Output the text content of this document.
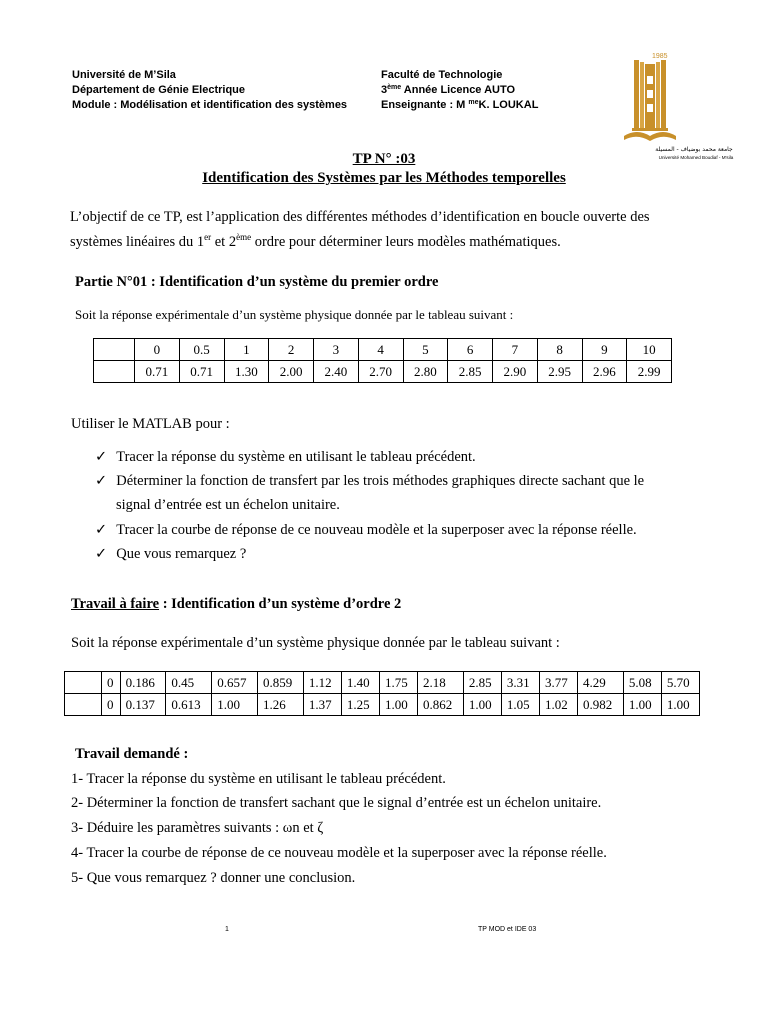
Université de M’Sila
Département de Génie Electrique
Module : Modélisation et identification des systèmes
Faculté de Technologie
3ème Année Licence AUTO
Enseignante : M $^{me}$K. LOUKAL
1985
جامعة محمد بوضياف - المسيلة
Université Mohamed Boudiaf - M'sila
TP N° :03
Identification des Systèmes par les Méthodes temporelles
L’objectif de ce TP, est l’application des différentes méthodes d’identification en boucle ouverte des
systèmes linéaires du 1er et 2ème ordre pour déterminer leurs modèles mathématiques.
Partie N°01 : Identification d’un système du premier ordre
Soit la réponse expérimentale d’un système physique donnée par le tableau suivant :
	0	0.5	1	2	3	4	5	6	7	8	9	10
	0.71	0.71	1.30	2.00	2.40	2.70	2.80	2.85	2.90	2.95	2.96	2.99
Utiliser le MATLAB pour :
✓ Tracer la réponse du système en utilisant le tableau précédent.
✓ Déterminer la fonction de transfert par les trois méthodes graphiques directe sachant que le
signal d’entrée est un échelon unitaire.
✓ Tracer la courbe de réponse de ce nouveau modèle et la superposer avec la réponse réelle.
✓ Que vous remarquez ?
Travail à faire : Identification d’un système d’ordre 2
Soit la réponse expérimentale d’un système physique donnée par le tableau suivant :
	0	0.186	0.45	0.657	0.859	1.12	1.40	1.75	2.18	2.85	3.31	3.77	4.29	5.08	5.70
	0	0.137	0.613	1.00	1.26	1.37	1.25	1.00	0.862	1.00	1.05	1.02	0.982	1.00	1.00
Travail demandé :
1- Tracer la réponse du système en utilisant le tableau précédent.
2- Déterminer la fonction de transfert sachant que le signal d’entrée est un échelon unitaire.
3- Déduire les paramètres suivants : ωn et ζ
4- Tracer la courbe de réponse de ce nouveau modèle et la superposer avec la réponse réelle.
5- Que vous remarquez ? donner une conclusion.
1	TP MOD et IDE 03
